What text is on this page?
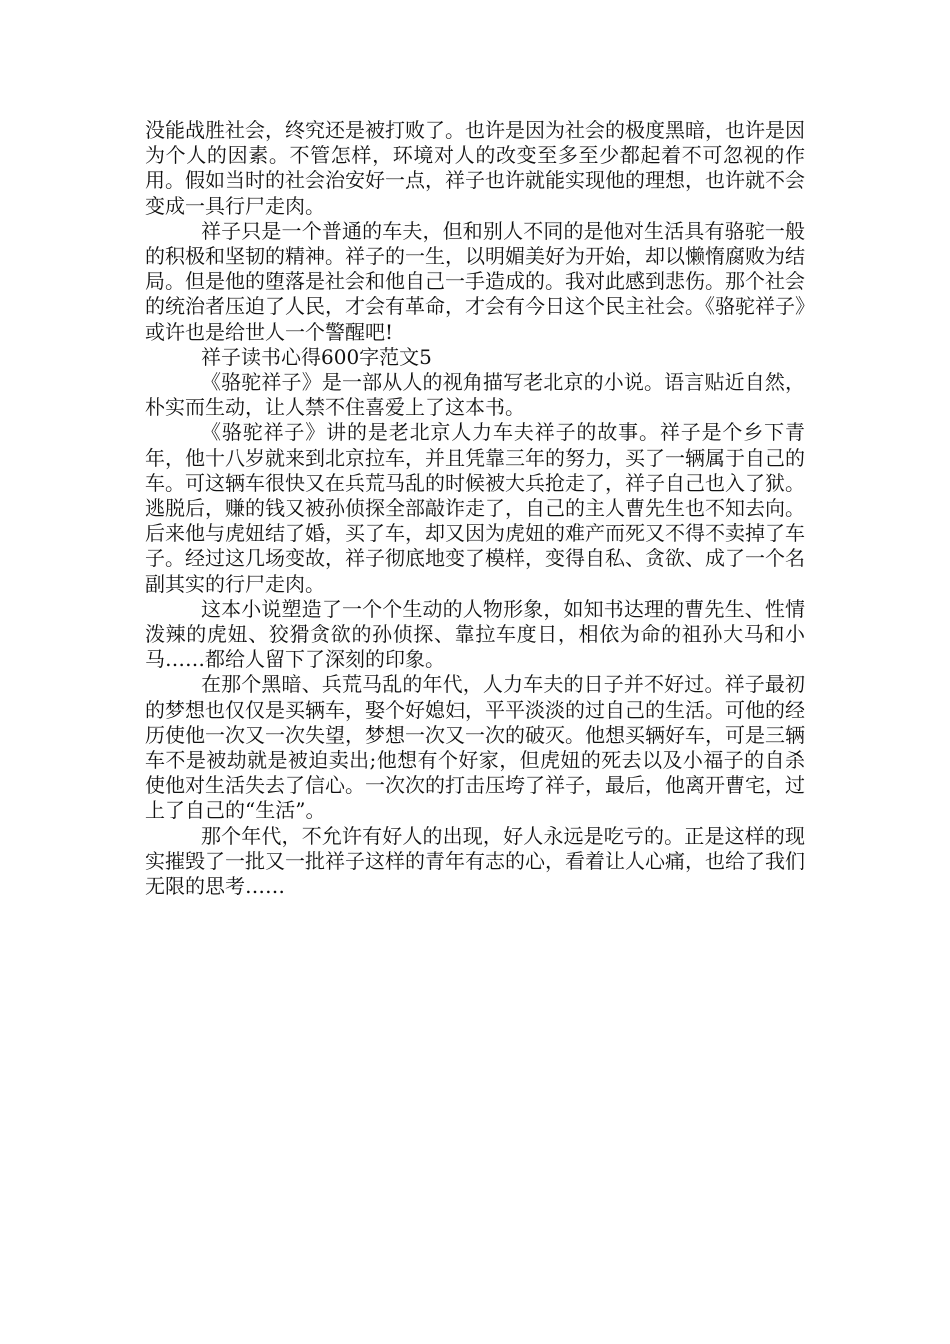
没能战胜社会，终究还是被打败了。也许是因为社会的极度黑暗，也许是因为个人的因素。不管怎样，环境对人的改变至多至少都起着不可忽视的作用。假如当时的社会治安好一点，祥子也许就能实现他的理想，也许就不会变成一具行尸走肉。

祥子只是一个普通的车夫，但和别人不同的是他对生活具有骆驼一般的积极和坚韧的精神。祥子的一生，以明媚美好为开始，却以懒惰腐败为结局。但是他的堕落是社会和他自己一手造成的。我对此感到悲伤。那个社会的统治者压迫了人民，才会有革命，才会有今日这个民主社会。《骆驼祥子》或许也是给世人一个警醒吧!

祥子读书心得600字范文5

《骆驼祥子》是一部从人的视角描写老北京的小说。语言贴近自然，朴实而生动，让人禁不住喜爱上了这本书。

《骆驼祥子》讲的是老北京人力车夫祥子的故事。祥子是个乡下青年，他十八岁就来到北京拉车，并且凭靠三年的努力，买了一辆属于自己的车。可这辆车很快又在兵荒马乱的时候被大兵抢走了，祥子自己也入了狱。逃脱后，赚的钱又被孙侦探全部敲诈走了，自己的主人曹先生也不知去向。后来他与虎妞结了婚，买了车，却又因为虎妞的难产而死又不得不卖掉了车子。经过这几场变故，祥子彻底地变了模样，变得自私、贪欲、成了一个名副其实的行尸走肉。

这本小说塑造了一个个生动的人物形象，如知书达理的曹先生、性情泼辣的虎妞、狡猾贪欲的孙侦探、靠拉车度日，相依为命的祖孙大马和小马……都给人留下了深刻的印象。

在那个黑暗、兵荒马乱的年代，人力车夫的日子并不好过。祥子最初的梦想也仅仅是买辆车，娶个好媳妇，平平淡淡的过自己的生活。可他的经历使他一次又一次失望，梦想一次又一次的破灭。他想买辆好车，可是三辆车不是被劫就是被迫卖出;他想有个好家，但虎妞的死去以及小福子的自杀使他对生活失去了信心。一次次的打击压垮了祥子，最后，他离开曹宅，过上了自己的“生活”。

那个年代，不允许有好人的出现，好人永远是吃亏的。正是这样的现实摧毁了一批又一批祥子这样的青年有志的心，看着让人心痛，也给了我们无限的思考……
